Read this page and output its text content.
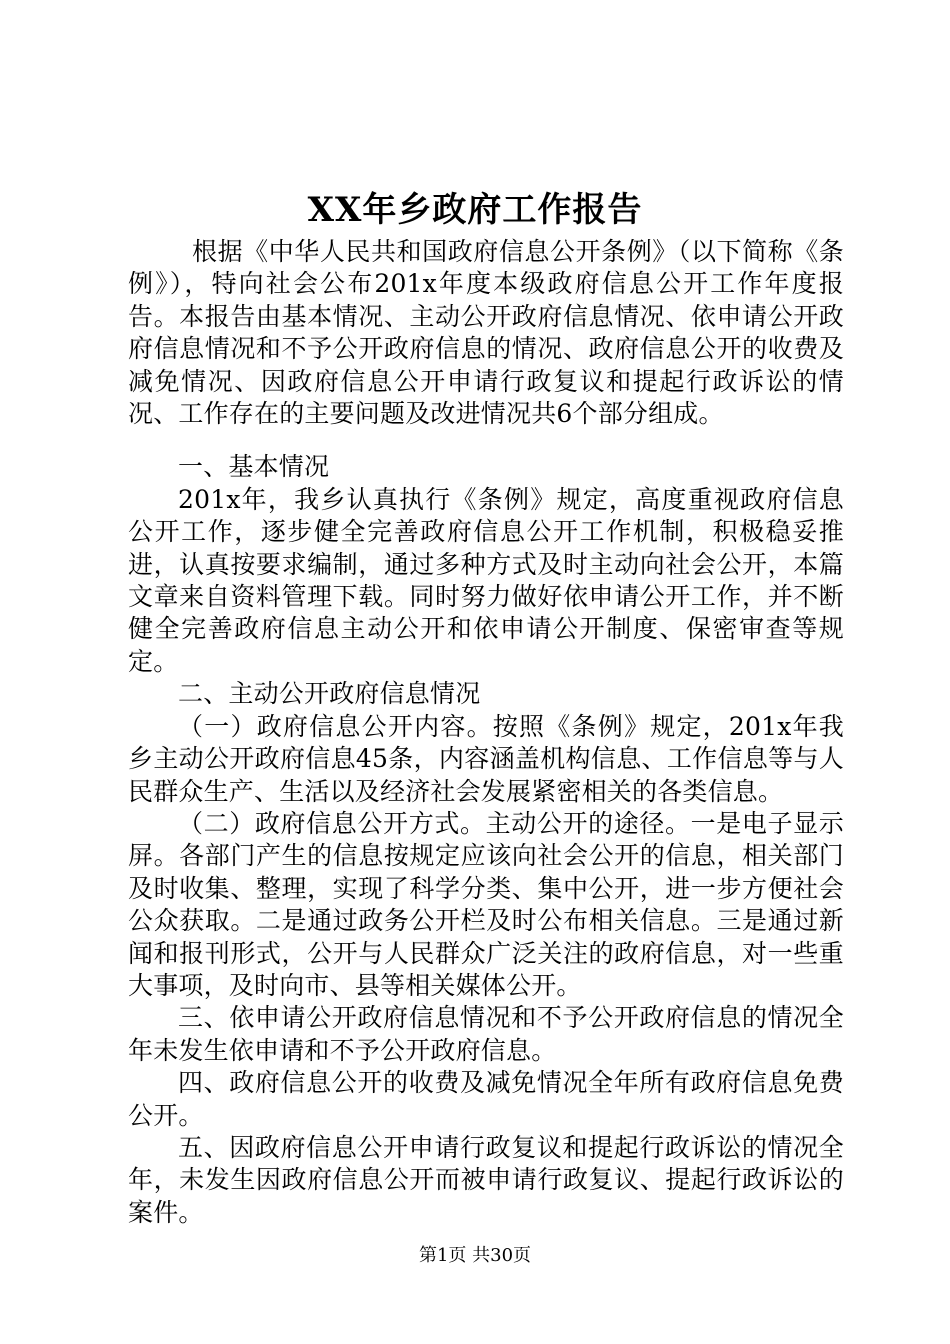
XX年乡政府工作报告

根据《中华人民共和国政府信息公开条例》（以下简称《条例》），特向社会公布201x年度本级政府信息公开工作年度报告。本报告由基本情况、主动公开政府信息情况、依申请公开政府信息情况和不予公开政府信息的情况、政府信息公开的收费及减免情况、因政府信息公开申请行政复议和提起行政诉讼的情况、工作存在的主要问题及改进情况共6个部分组成。

一、基本情况

201x年，我乡认真执行《条例》规定，高度重视政府信息公开工作，逐步健全完善政府信息公开工作机制，积极稳妥推进，认真按要求编制，通过多种方式及时主动向社会公开，本篇文章来自资料管理下载。同时努力做好依申请公开工作，并不断健全完善政府信息主动公开和依申请公开制度、保密审查等规定。

二、主动公开政府信息情况

（一）政府信息公开内容。按照《条例》规定，201x年我乡主动公开政府信息45条，内容涵盖机构信息、工作信息等与人民群众生产、生活以及经济社会发展紧密相关的各类信息。

（二）政府信息公开方式。主动公开的途径。一是电子显示屏。各部门产生的信息按规定应该向社会公开的信息，相关部门及时收集、整理，实现了科学分类、集中公开，进一步方便社会公众获取。二是通过政务公开栏及时公布相关信息。三是通过新闻和报刊形式，公开与人民群众广泛关注的政府信息，对一些重大事项，及时向市、县等相关媒体公开。

三、依申请公开政府信息情况和不予公开政府信息的情况全年未发生依申请和不予公开政府信息。

四、政府信息公开的收费及减免情况全年所有政府信息免费公开。

五、因政府信息公开申请行政复议和提起行政诉讼的情况全年，未发生因政府信息公开而被申请行政复议、提起行政诉讼的案件。

第1页 共30页
